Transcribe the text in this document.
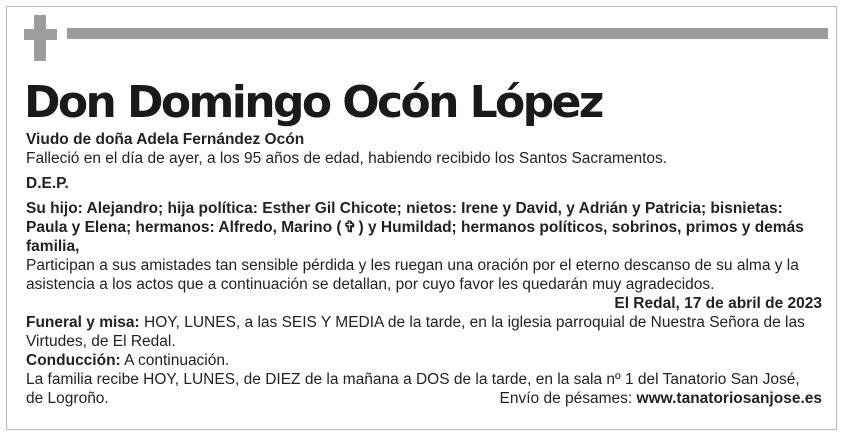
Don Domingo Ocón López

Viudo de doña Adela Fernández Ocón

Falleció en el día de ayer, a los 95 años de edad, habiendo recibido los Santos Sacramentos.

D.E.P.

Su hijo: Alejandro; hija política: Esther Gil Chicote; nietos: Irene y David, y Adrián y Patricia; bisnietas: Paula y Elena; hermanos: Alfredo, Marino ( ✞ ) y Humildad; hermanos políticos, sobrinos, primos y demás familia,

Participan a sus amistades tan sensible pérdida y les ruegan una oración por el eterno descanso de su alma y la asistencia a los actos que a continuación se detallan, por cuyo favor les quedarán muy agradecidos.

El Redal, 17 de abril de 2023

Funeral y misa: HOY, LUNES, a las SEIS Y MEDIA de la tarde, en la iglesia parroquial de Nuestra Señora de las Virtudes, de El Redal.

Conducción: A continuación.

La familia recibe HOY, LUNES, de DIEZ de la mañana a DOS de la tarde, en la sala nº 1 del Tanatorio San José,

de Logroño.	Envío de pésames: www.tanatoriosanjose.es
